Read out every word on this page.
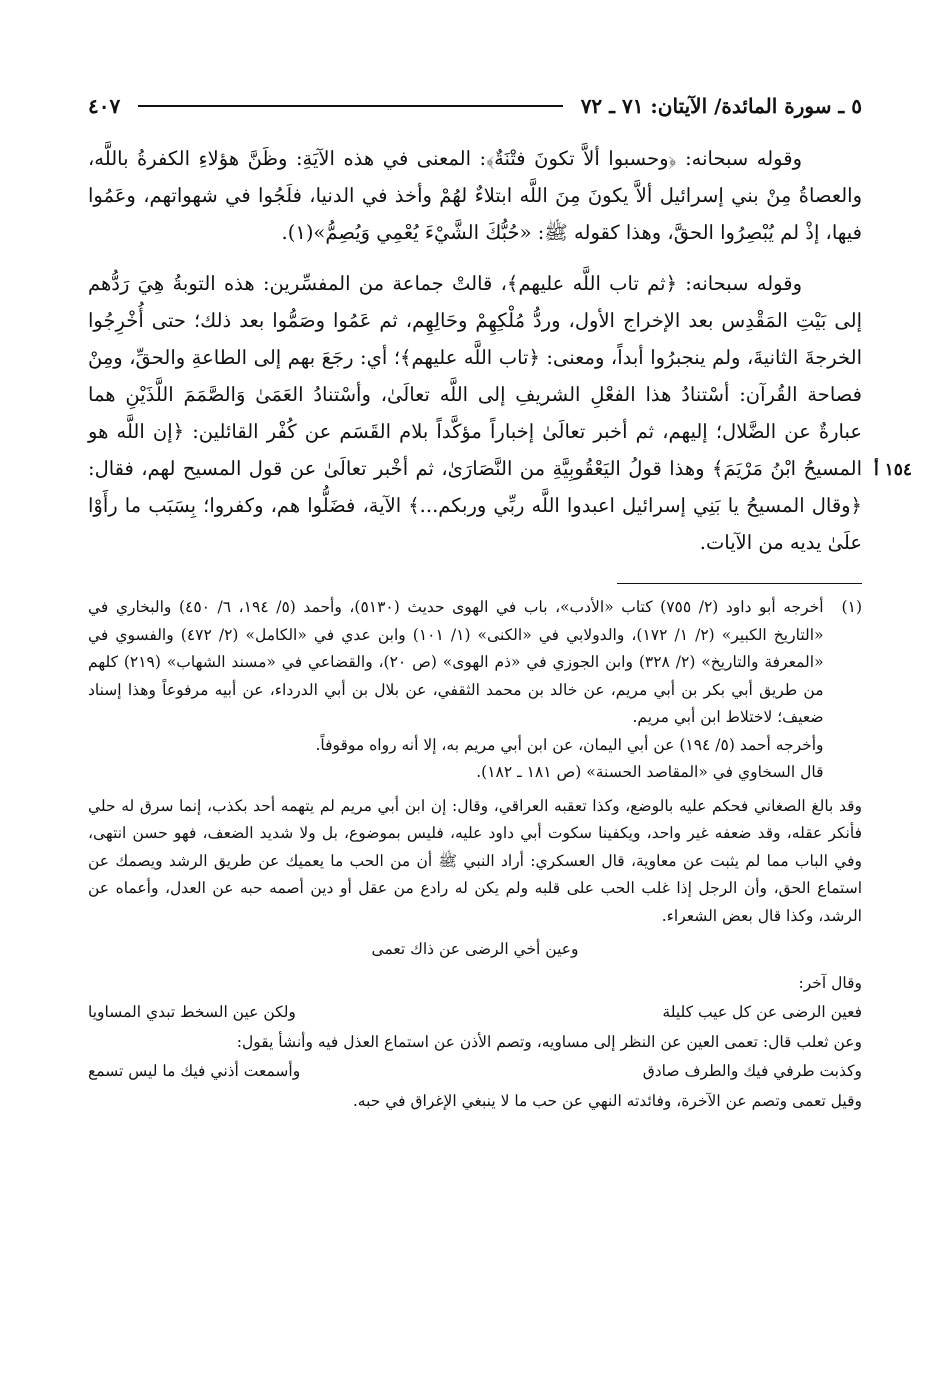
٥ ـ سورة المائدة/ الآيتان: ٧١ ـ ٧٢
٤٠٧
١٥٤ أ

وقوله سبحانه: ﴿وحسبوا ألاَّ تكونَ فتْنَةٌ﴾: المعنى في هذه الآيَةِ: وظَنَّ هؤلاءِ الكفرةُ باللَّه، والعصاةُ مِنْ بني إسرائيل ألاَّ يكونَ مِنَ اللَّه ابتلاءٌ لهُمْ وأخذ في الدنيا، فلَجُوا في شهواتهم، وعَمُوا فيها، إذْ لم يُبْصِرُوا الحقَّ، وهذا كقوله ﷺ: «حُبُّكَ الشَّيْءَ يُعْمِي وَيُصِمُّ»(١).

وقوله سبحانه: ﴿ثم تاب اللَّه عليهم﴾، قالتْ جماعة من المفسِّرين: هذه التوبةُ هِيَ رَدُّهم إلى بَيْتِ المَقْدِس بعد الإخراج الأول، وردُّ مُلْكِهِمْ وحَالِهِم، ثم عَمُوا وصَمُّوا بعد ذلك؛ حتى أُخْرِجُوا الخرجةَ الثانيةَ، ولم ينجبرُوا أبداً، ومعنى: ﴿تاب اللَّه عليهم﴾؛ أي: رجَعَ بهم إلى الطاعةِ والحقِّ، ومِنْ فصاحة القُرآن: أسْتنادُ هذا الفعْلِ الشريفِ إلى اللَّه تعالَىٰ، وأسْتنادُ العَمَىٰ وَالصَّمَمَ اللَّذَيْنِ هما عبارةٌ عن الضَّلال؛ إليهم، ثم أخبر تعالَىٰ إخباراً مؤكَّداً بلام القَسَم عن كُفْر القائلين: ﴿إن اللَّه هو المسيحُ ابْنُ مَرْيَمَ﴾ وهذا قولُ اليَعْقُوبِيَّةِ من النَّصَارَىٰ، ثم أخْبر تعالَىٰ عن قول المسيح لهم، فقال: ﴿وقال المسيحُ يا بَنِي إسرائيل اعبدوا اللَّه ربِّي وربكم...﴾ الآية، فضَلُّوا هم، وكفروا؛ بِسَبَب ما رأَوْا علَىٰ يديه من الآيات.

(١)
أخرجه أبو داود (٢/ ٧٥٥) كتاب «الأدب»، باب في الهوى حديث (٥١٣٠)، وأحمد (٥/ ١٩٤، ٦/ ٤٥٠) والبخاري في «التاريخ الكبير» (٢/ ١/ ١٧٢)، والدولابي في «الكنى» (١/ ١٠١) وابن عدي في «الكامل» (٢/ ٤٧٢) والفسوي في «المعرفة والتاريخ» (٢/ ٣٢٨) وابن الجوزي في «ذم الهوى» (ص ٢٠)، والقضاعي في «مسند الشهاب» (٢١٩) كلهم من طريق أبي بكر بن أبي مريم، عن خالد بن محمد الثقفي، عن بلال بن أبي الدرداء، عن أبيه مرفوعاً وهذا إسناد ضعيف؛ لاختلاط ابن أبي مريم.
وأخرجه أحمد (٥/ ١٩٤) عن أبي اليمان، عن ابن أبي مريم به، إلا أنه رواه موقوفاً.
قال السخاوي في «المقاصد الحسنة» (ص ١٨١ ـ ١٨٢).
وقد بالغ الصغاني فحكم عليه بالوضع، وكذا تعقبه العراقي، وقال: إن ابن أبي مريم لم يتهمه أحد بكذب، إنما سرق له حلي فأنكر عقله، وقد ضعفه غير واحد، ويكفينا سكوت أبي داود عليه، فليس بموضوع، بل ولا شديد الضعف، فهو حسن انتهى، وفي الباب مما لم يثبت عن معاوية، قال العسكري: أراد النبي ﷺ أن من الحب ما يعميك عن طريق الرشد ويصمك عن استماع الحق، وأن الرجل إذا غلب الحب على قلبه ولم يكن له رادع من عقل أو دين أصمه حبه عن العدل، وأعماه عن الرشد، وكذا قال بعض الشعراء.
وعين أخي الرضى عن ذاك تعمى
وقال آخر:
فعين الرضى عن كل عيب كليلة
ولكن عين السخط تبدي المساويا
وعن ثعلب قال: تعمى العين عن النظر إلى مساويه، وتصم الأذن عن استماع العذل فيه وأنشأ يقول:
وكذبت طرفي فيك والطرف صادق
وأسمعت أذني فيك ما ليس تسمع
وقيل تعمى وتصم عن الآخرة، وفائدته النهي عن حب ما لا ينبغي الإغراق في حبه.
